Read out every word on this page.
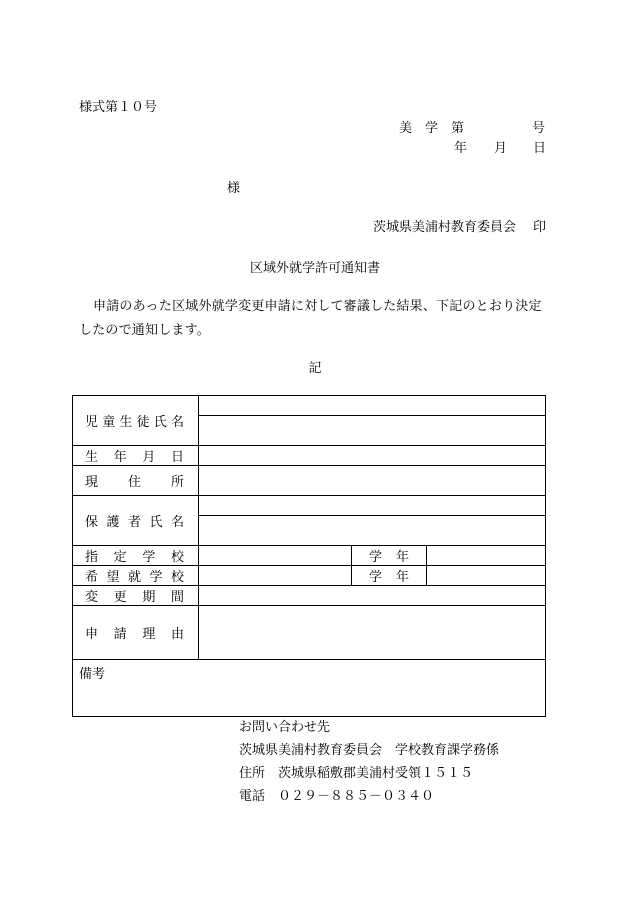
様式第１０号
美　学　第	号
年 月 日
様
茨城県美浦村教育委員会 印
区域外就学許可通知書
申請のあった区域外就学変更申請に対して審議した結果、下記のとおり決定したので通知します。
記
児童生徒氏名			

生　年　月　日			
現　住　所			
保護者氏名			

指　定　学　校		学年	
希望就学校		学年	
変　更　期　間			
申　請　理　由			
備考			
お問い合わせ先
茨城県美浦村教育委員会　学校教育課学務係
住所　茨城県稲敷郡美浦村受領１５１５
電話　０２９－８８５－０３４０
